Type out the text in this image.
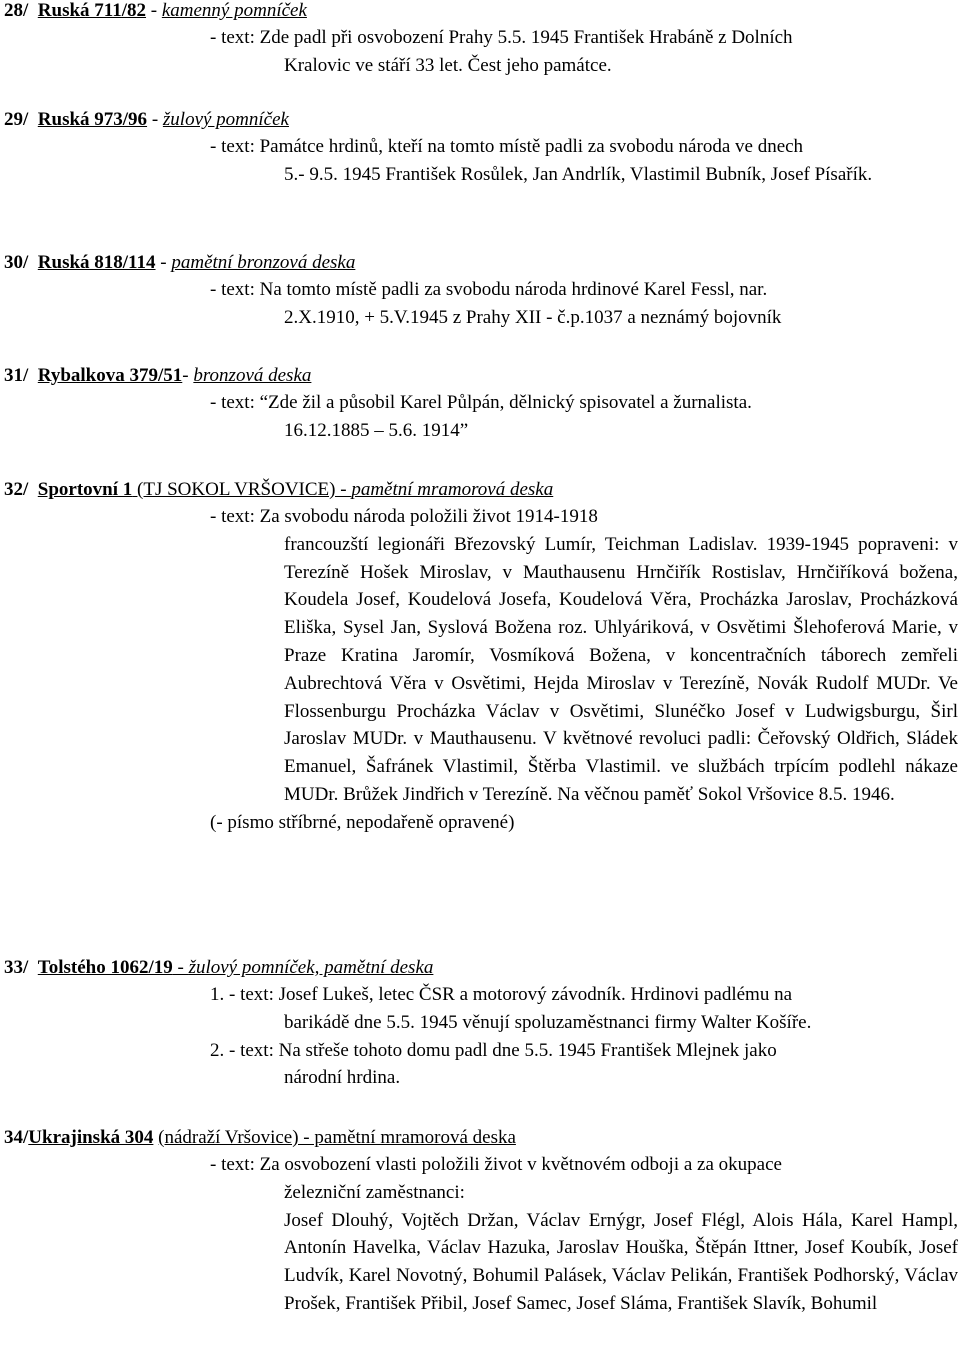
28/ Ruská 711/82 - kamenný pomníček
- text: Zde padl při osvobození Prahy 5.5. 1945 František Hrabáně z Dolních
Kralovic ve stáří 33 let. Čest jeho památce.
29/ Ruská 973/96 - žulový pomníček
- text: Památce hrdinů, kteří na tomto místě padli za svobodu národa ve dnech
5.- 9.5. 1945 František Rosůlek, Jan Andrlík, Vlastimil Bubník, Josef Písařík.
30/ Ruská 818/114 - pamětní bronzová deska
- text: Na tomto místě padli za svobodu národa hrdinové Karel Fessl, nar.
2.X.1910, + 5.V.1945 z Prahy XII - č.p.1037 a neznámý bojovník
31/ Rybalkova 379/51- bronzová deska
- text: “Zde žil a působil Karel Půlpán, dělnický spisovatel a žurnalista.
16.12.1885 – 5.6. 1914”
32/ Sportovní 1 (TJ SOKOL VRŠOVICE) - pamětní mramorová deska
- text: Za svobodu národa položili život 1914-1918
francouzští legionáři Březovský Lumír, Teichman Ladislav. 1939-1945 popraveni: v Terezíně Hošek Miroslav, v Mauthausenu Hrnčiřík Rostislav, Hrnčiříková božena, Koudela Josef, Koudelová Josefa, Koudelová Věra, Procházka Jaroslav, Procházková Eliška, Sysel Jan, Syslová Božena roz. Uhlyáriková, v Osvětimi Šlehoferová Marie, v Praze Kratina Jaromír, Vosmíková Božena, v koncentračních táborech zemřeli Aubrechtová Věra v Osvětimi, Hejda Miroslav v Terezíně, Novák Rudolf MUDr. Ve Flossenburgu Procházka Václav v Osvětimi, Slunéčko Josef v Ludwigsburgu, Širl Jaroslav MUDr. v Mauthausenu. V květnové revoluci padli: Čeřovský Oldřich, Sládek Emanuel, Šafránek Vlastimil, Štěrba Vlastimil. ve službách trpícím podlehl nákaze MUDr. Brůžek Jindřich v Terezíně. Na věčnou paměť Sokol Vršovice 8.5. 1946.
(- písmo stříbrné, nepodařeně opravené)
33/ Tolstého 1062/19 - žulový pomníček, pamětní deska
1. - text: Josef Lukeš, letec ČSR a motorový závodník. Hrdinovi padlému na
barikádě dne 5.5. 1945 věnují spoluzaměstnanci firmy Walter Košíře.
2. - text: Na střeše tohoto domu padl dne 5.5. 1945 František Mlejnek jako
národní hrdina.
34/Ukrajinská 304 (nádraží Vršovice) - pamětní mramorová deska
- text: Za osvobození vlasti položili život v květnovém odboji a za okupace
železniční zaměstnanci:
Josef Dlouhý, Vojtěch Držan, Václav Ernýgr, Josef Flégl, Alois Hála, Karel Hampl, Antonín Havelka, Václav Hazuka, Jaroslav Houška, Štěpán Ittner, Josef Koubík, Josef Ludvík, Karel Novotný, Bohumil Palásek, Václav Pelikán, František Podhorský, Václav Prošek, František Přibil, Josef Samec, Josef Sláma, František Slavík, Bohumil
